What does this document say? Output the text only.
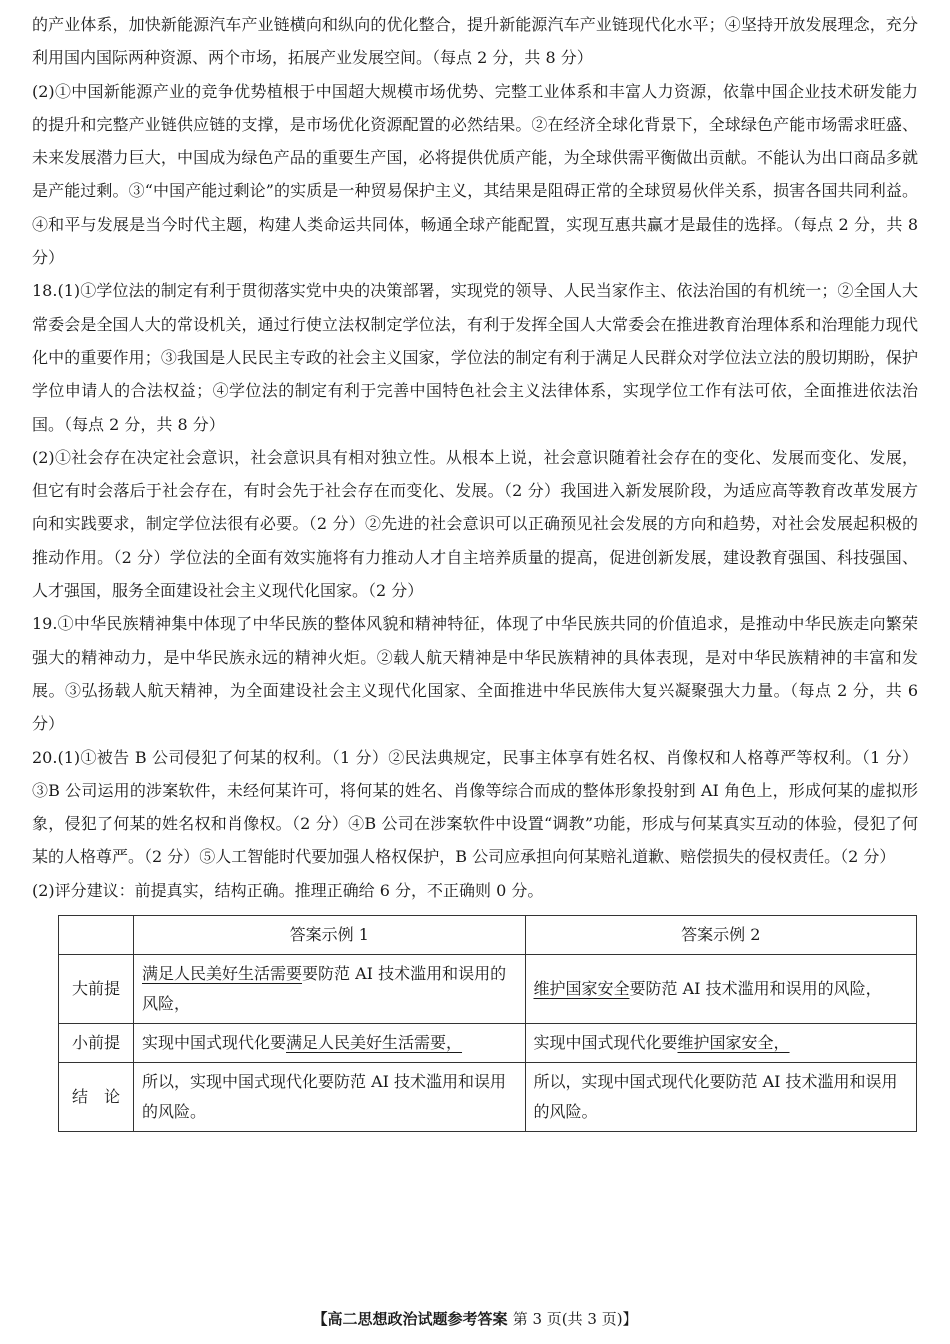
的产业体系，加快新能源汽车产业链横向和纵向的优化整合，提升新能源汽车产业链现代化水平；④坚持开放发展理念，充分利用国内国际两种资源、两个市场，拓展产业发展空间。（每点 2 分，共 8 分）

(2)①中国新能源产业的竞争优势植根于中国超大规模市场优势、完整工业体系和丰富人力资源，依靠中国企业技术研发能力的提升和完整产业链供应链的支撑，是市场优化资源配置的必然结果。②在经济全球化背景下，全球绿色产能市场需求旺盛、未来发展潜力巨大，中国成为绿色产品的重要生产国，必将提供优质产能，为全球供需平衡做出贡献。不能认为出口商品多就是产能过剩。③“中国产能过剩论”的实质是一种贸易保护主义，其结果是阻碍正常的全球贸易伙伴关系，损害各国共同利益。④和平与发展是当今时代主题，构建人类命运共同体，畅通全球产能配置，实现互惠共赢才是最佳的选择。（每点 2 分，共 8 分）

18.(1)①学位法的制定有利于贯彻落实党中央的决策部署，实现党的领导、人民当家作主、依法治国的有机统一；②全国人大常委会是全国人大的常设机关，通过行使立法权制定学位法，有利于发挥全国人大常委会在推进教育治理体系和治理能力现代化中的重要作用；③我国是人民民主专政的社会主义国家，学位法的制定有利于满足人民群众对学位法立法的殷切期盼，保护学位申请人的合法权益；④学位法的制定有利于完善中国特色社会主义法律体系，实现学位工作有法可依，全面推进依法治国。（每点 2 分，共 8 分）

(2)①社会存在决定社会意识，社会意识具有相对独立性。从根本上说，社会意识随着社会存在的变化、发展而变化、发展，但它有时会落后于社会存在，有时会先于社会存在而变化、发展。（2 分）我国进入新发展阶段，为适应高等教育改革发展方向和实践要求，制定学位法很有必要。（2 分）②先进的社会意识可以正确预见社会发展的方向和趋势，对社会发展起积极的推动作用。（2 分）学位法的全面有效实施将有力推动人才自主培养质量的提高，促进创新发展，建设教育强国、科技强国、人才强国，服务全面建设社会主义现代化国家。（2 分）

19.①中华民族精神集中体现了中华民族的整体风貌和精神特征，体现了中华民族共同的价值追求，是推动中华民族走向繁荣强大的精神动力，是中华民族永远的精神火炬。②载人航天精神是中华民族精神的具体表现，是对中华民族精神的丰富和发展。③弘扬载人航天精神，为全面建设社会主义现代化国家、全面推进中华民族伟大复兴凝聚强大力量。（每点 2 分，共 6 分）

20.(1)①被告 B 公司侵犯了何某的权利。（1 分）②民法典规定，民事主体享有姓名权、肖像权和人格尊严等权利。（1 分）③B 公司运用的涉案软件，未经何某许可，将何某的姓名、肖像等综合而成的整体形象投射到 AI 角色上，形成何某的虚拟形象，侵犯了何某的姓名权和肖像权。（2 分）④B 公司在涉案软件中设置“调教”功能，形成与何某真实互动的体验，侵犯了何某的人格尊严。（2 分）⑤人工智能时代要加强人格权保护，B 公司应承担向何某赔礼道歉、赔偿损失的侵权责任。（2 分）

(2)评分建议：前提真实，结构正确。推理正确给 6 分，不正确则 0 分。

	答案示例 1	答案示例 2
大前提	满足人民美好生活需要要防范 AI 技术滥用和误用的风险，	维护国家安全要防范 AI 技术滥用和误用的风险，
小前提	实现中国式现代化要满足人民美好生活需要，	实现中国式现代化要维护国家安全，
结　论	所以，实现中国式现代化要防范 AI 技术滥用和误用的风险。	所以，实现中国式现代化要防范 AI 技术滥用和误用的风险。
【高二思想政治试题参考答案 第 3 页(共 3 页)】
